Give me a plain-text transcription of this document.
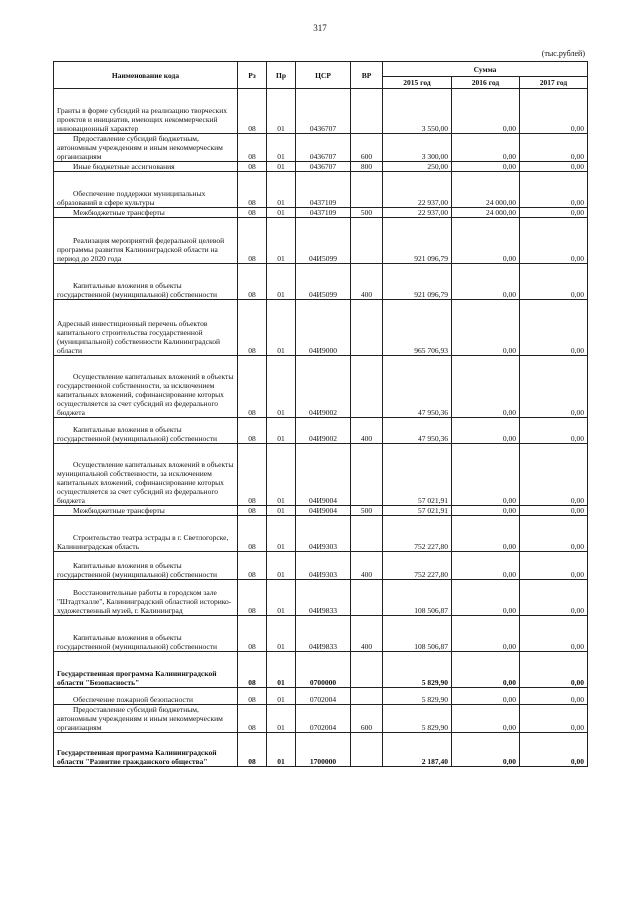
317
(тыс.рублей)
Наименование кода	Рз	Пр	ЦСР	ВР	Сумма		
					2015 год	2016 год	2017 год
Гранты в форме субсидий на реализацию творческих проектов и инициатив, имеющих некоммерческий инновационный характер	08	01	0436707		3 550,00	0,00	0,00
Предоставление субсидий бюджетным, автономным учреждениям и иным некоммерческим организациям	08	01	0436707	600	3 300,00	0,00	0,00
Иные бюджетные ассигнования	08	01	0436707	800	250,00	0,00	0,00
Обеспечение поддержки муниципальных образований в сфере культуры	08	01	0437109		22 937,00	24 000,00	0,00
Межбюджетные трансферты	08	01	0437109	500	22 937,00	24 000,00	0,00
Реализация мероприятий федеральной целевой программы развития Калининградской области на период до 2020 года	08	01	04И5099		921 096,79	0,00	0,00
Капитальные вложения в объекты государственной (муниципальной) собственности	08	01	04И5099	400	921 096,79	0,00	0,00
Адресный инвестиционный перечень объектов капитального строительства государственной (муниципальной) собственности Калининградской области	08	01	04И9000		965 706,93	0,00	0,00
Осуществление капитальных вложений в объекты государственной собственности, за исключением капитальных вложений, софинансирование которых осуществляется за счет субсидий из федерального бюджета	08	01	04И9002		47 950,36	0,00	0,00
Капитальные вложения в объекты государственной (муниципальной) собственности	08	01	04И9002	400	47 950,36	0,00	0,00
Осуществление капитальных вложений в объекты муниципальной собственности, за исключением капитальных вложений, софинансирование которых осуществляется за счет субсидий из федерального бюджета	08	01	04И9004		57 021,91	0,00	0,00
Межбюджетные трансферты	08	01	04И9004	500	57 021,91	0,00	0,00
Строительство театра эстрады в г. Светлогорске, Калининградская область	08	01	04И9303		752 227,80	0,00	0,00
Капитальные вложения в объекты государственной (муниципальной) собственности	08	01	04И9303	400	752 227,80	0,00	0,00
Восстановительные работы в городском зале "Штадтхалле", Калининградский областной историко-художественный музей, г. Калининград	08	01	04И9833		108 506,87	0,00	0,00
Капитальные вложения в объекты государственной (муниципальной) собственности	08	01	04И9833	400	108 506,87	0,00	0,00
Государственная программа Калининградской области "Безопасность"	08	01	0700000		5 829,90	0,00	0,00
Обеспечение пожарной безопасности	08	01	0702004		5 829,90	0,00	0,00
Предоставление субсидий бюджетным, автономным учреждениям и иным некоммерческим организациям	08	01	0702004	600	5 829,90	0,00	0,00
Государственная программа Калининградской области "Развитие гражданского общества"	08	01	1700000		2 187,40	0,00	0,00
